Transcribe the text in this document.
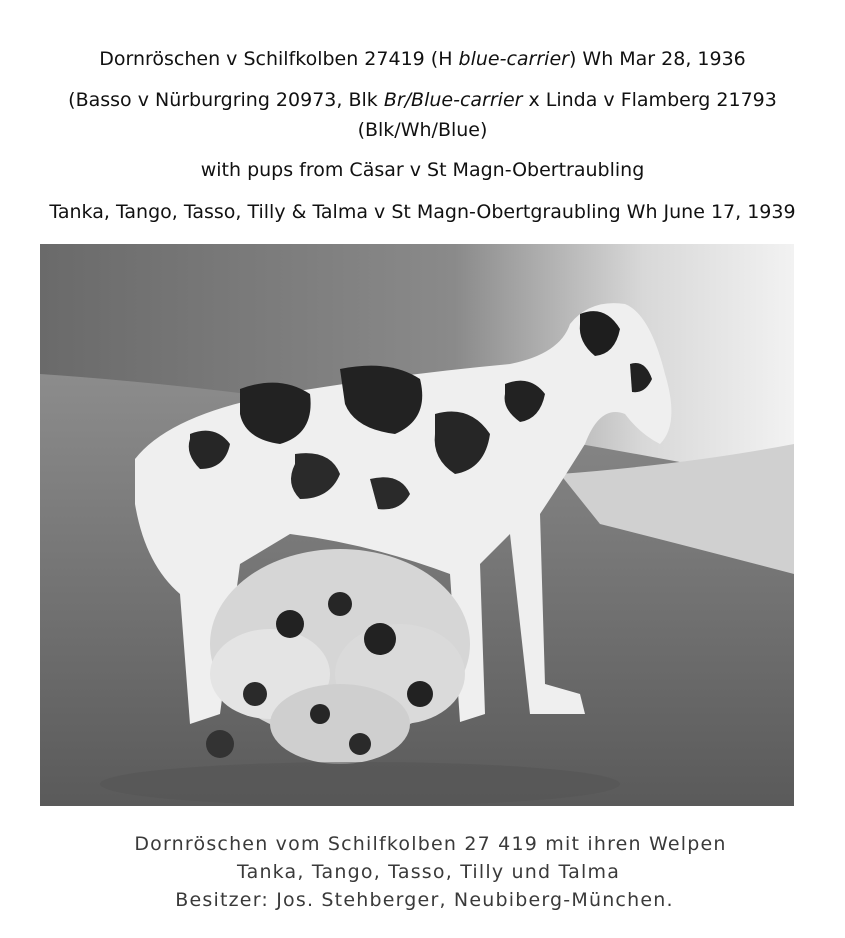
Dornröschen v Schilfkolben 27419 (H blue-carrier) Wh Mar 28, 1936
(Basso v Nürburgring 20973, Blk Br/Blue-carrier x Linda v Flamberg 21793
(Blk/Wh/Blue)
with pups from Cäsar v St Magn-Obertraubling
Tanka, Tango, Tasso, Tilly & Talma v St Magn-Obertgraubling Wh June 17, 1939
Dornröschen vom Schilfkolben 27 419 mit ihren Welpen
Tanka, Tango, Tasso, Tilly und Talma
Besitzer: Jos. Stehberger, Neubiberg-München.
